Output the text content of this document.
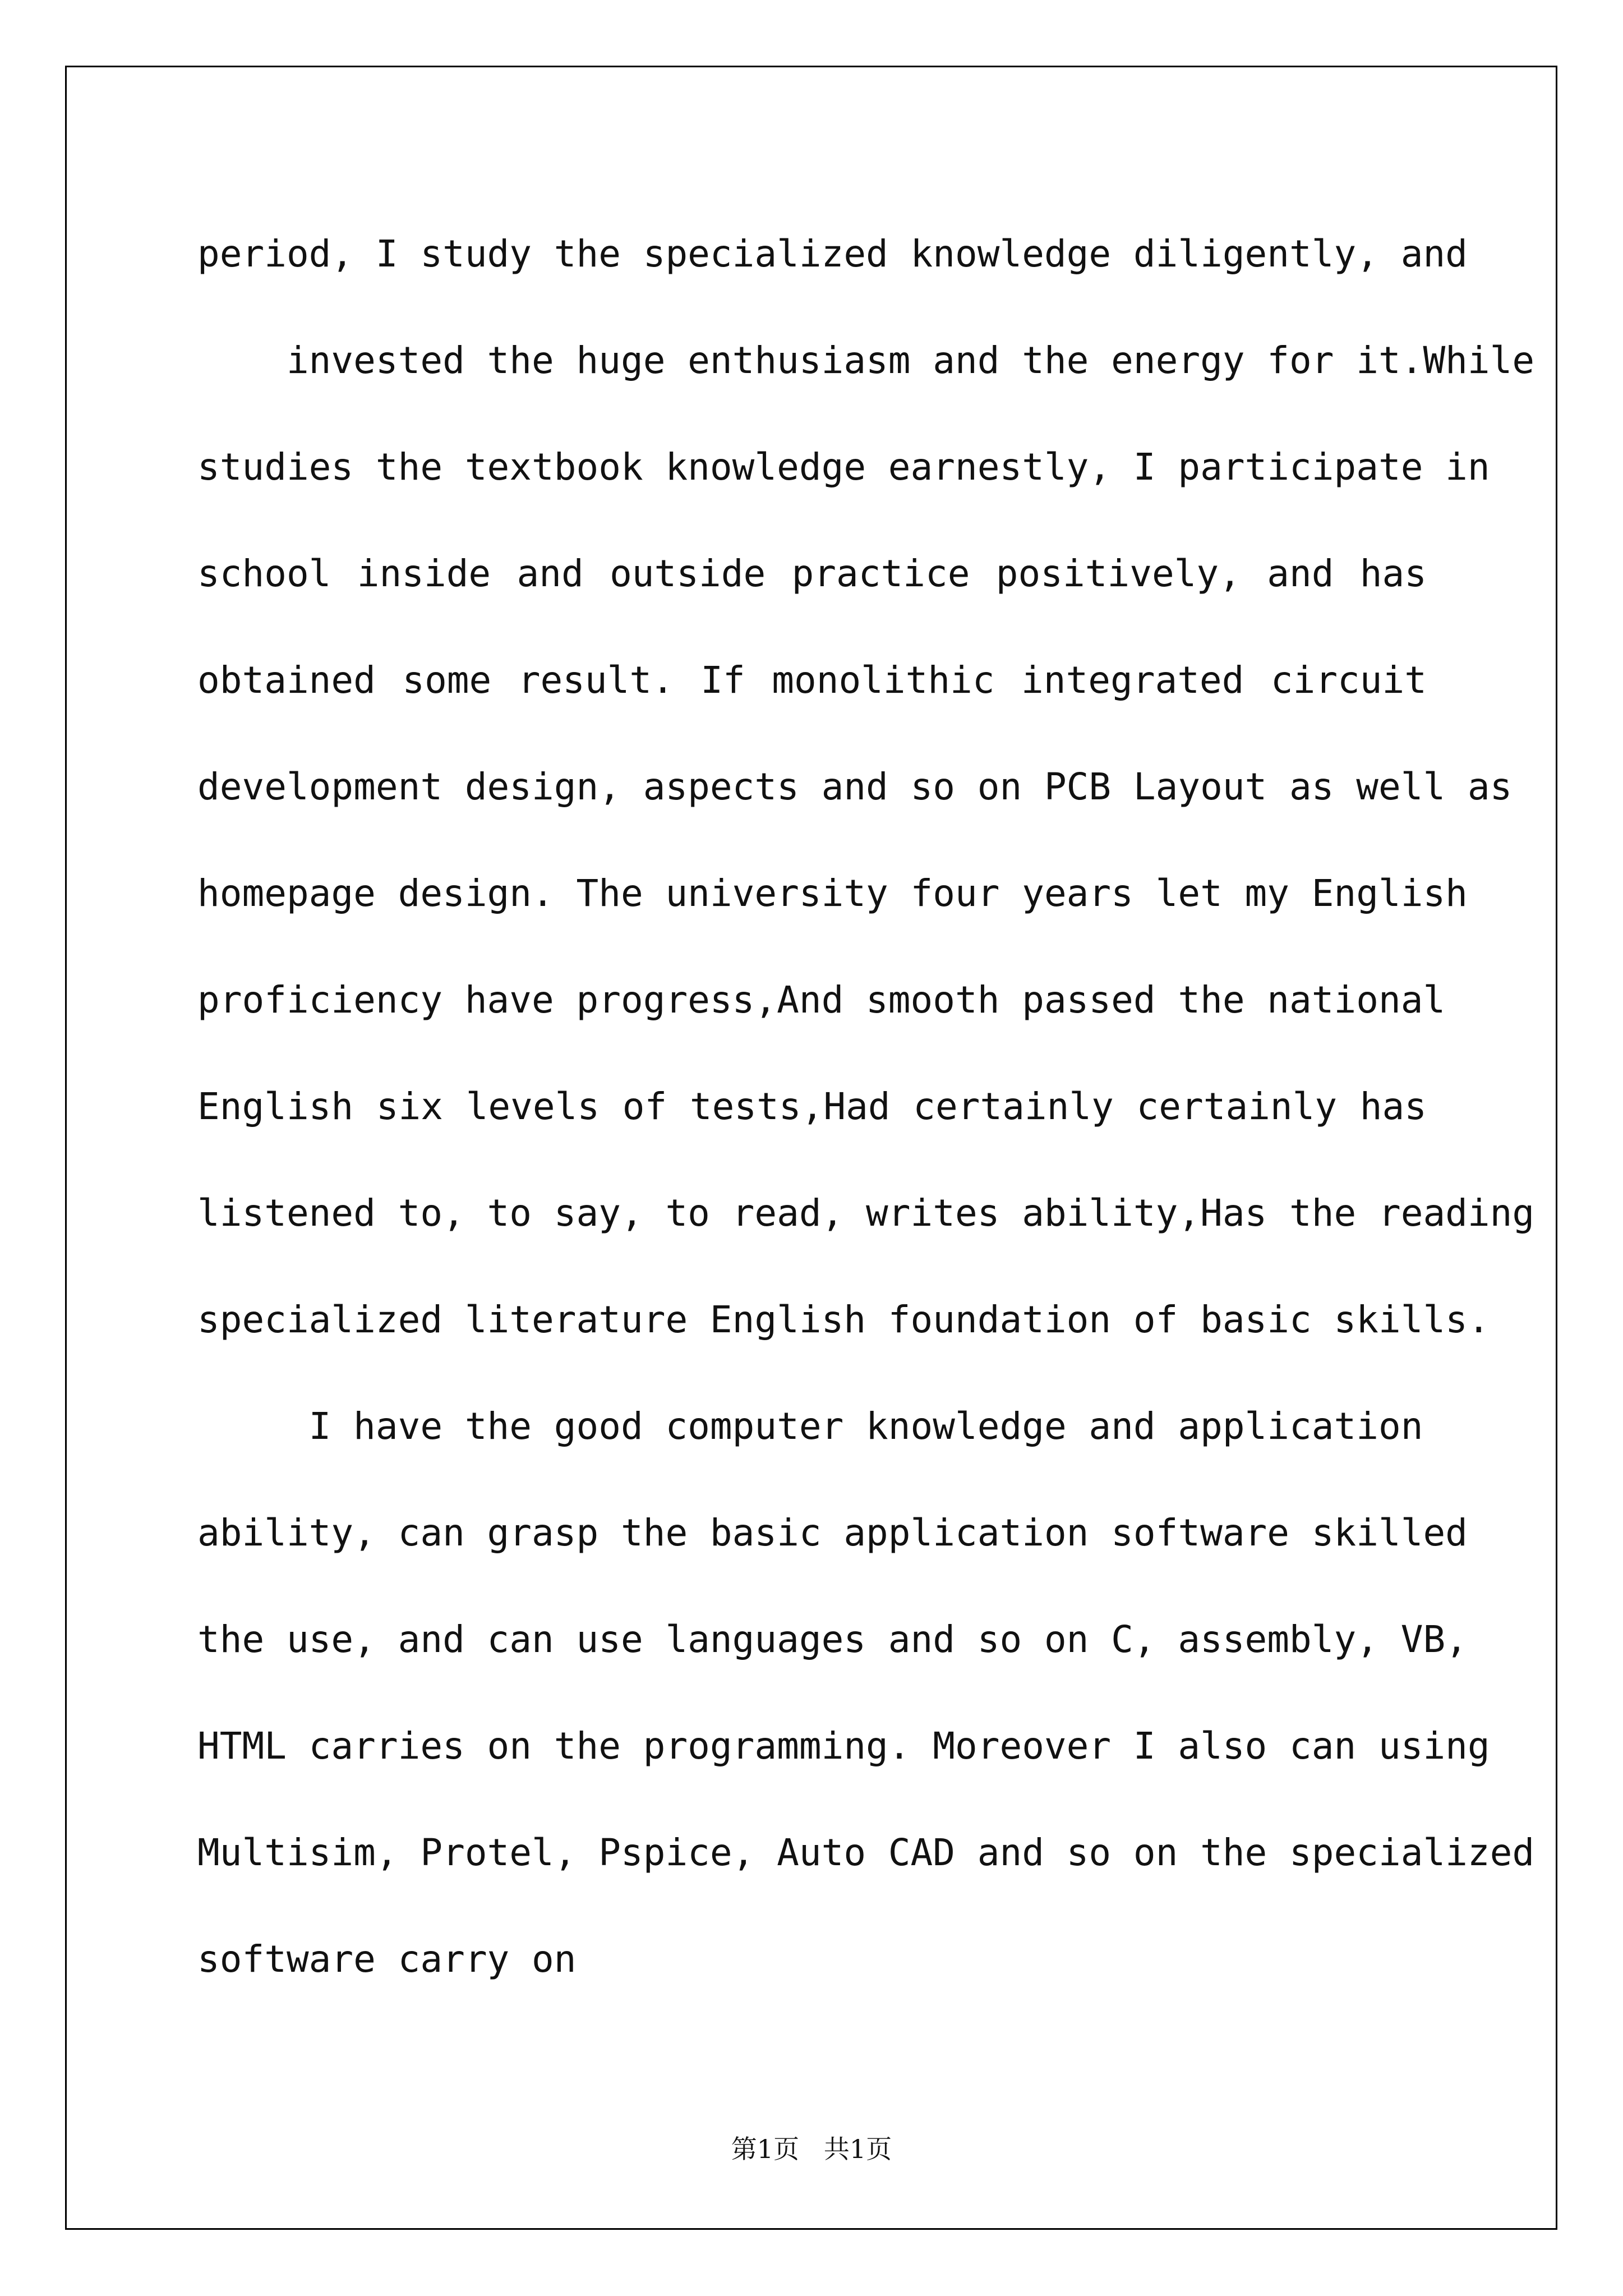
period, I study the specialized knowledge diligently, and
invested the huge enthusiasm and the energy for it.While
studies the textbook knowledge earnestly, I participate in
school inside and outside practice positively, and has
obtained some result. If monolithic integrated circuit
development design, aspects and so on PCB Layout as well as
homepage design. The university four years let my English
proficiency have progress,And smooth passed the national
English six levels of tests,Had certainly certainly has
listened to, to say, to read, writes ability,Has the reading
specialized literature English foundation of basic skills.
I have the good computer knowledge and application
ability, can grasp the basic application software skilled
the use, and can use languages and so on C, assembly, VB,
HTML carries on the programming. Moreover I also can using
Multisim, Protel, Pspice, Auto CAD and so on the specialized
software carry on
第1页   共1页
